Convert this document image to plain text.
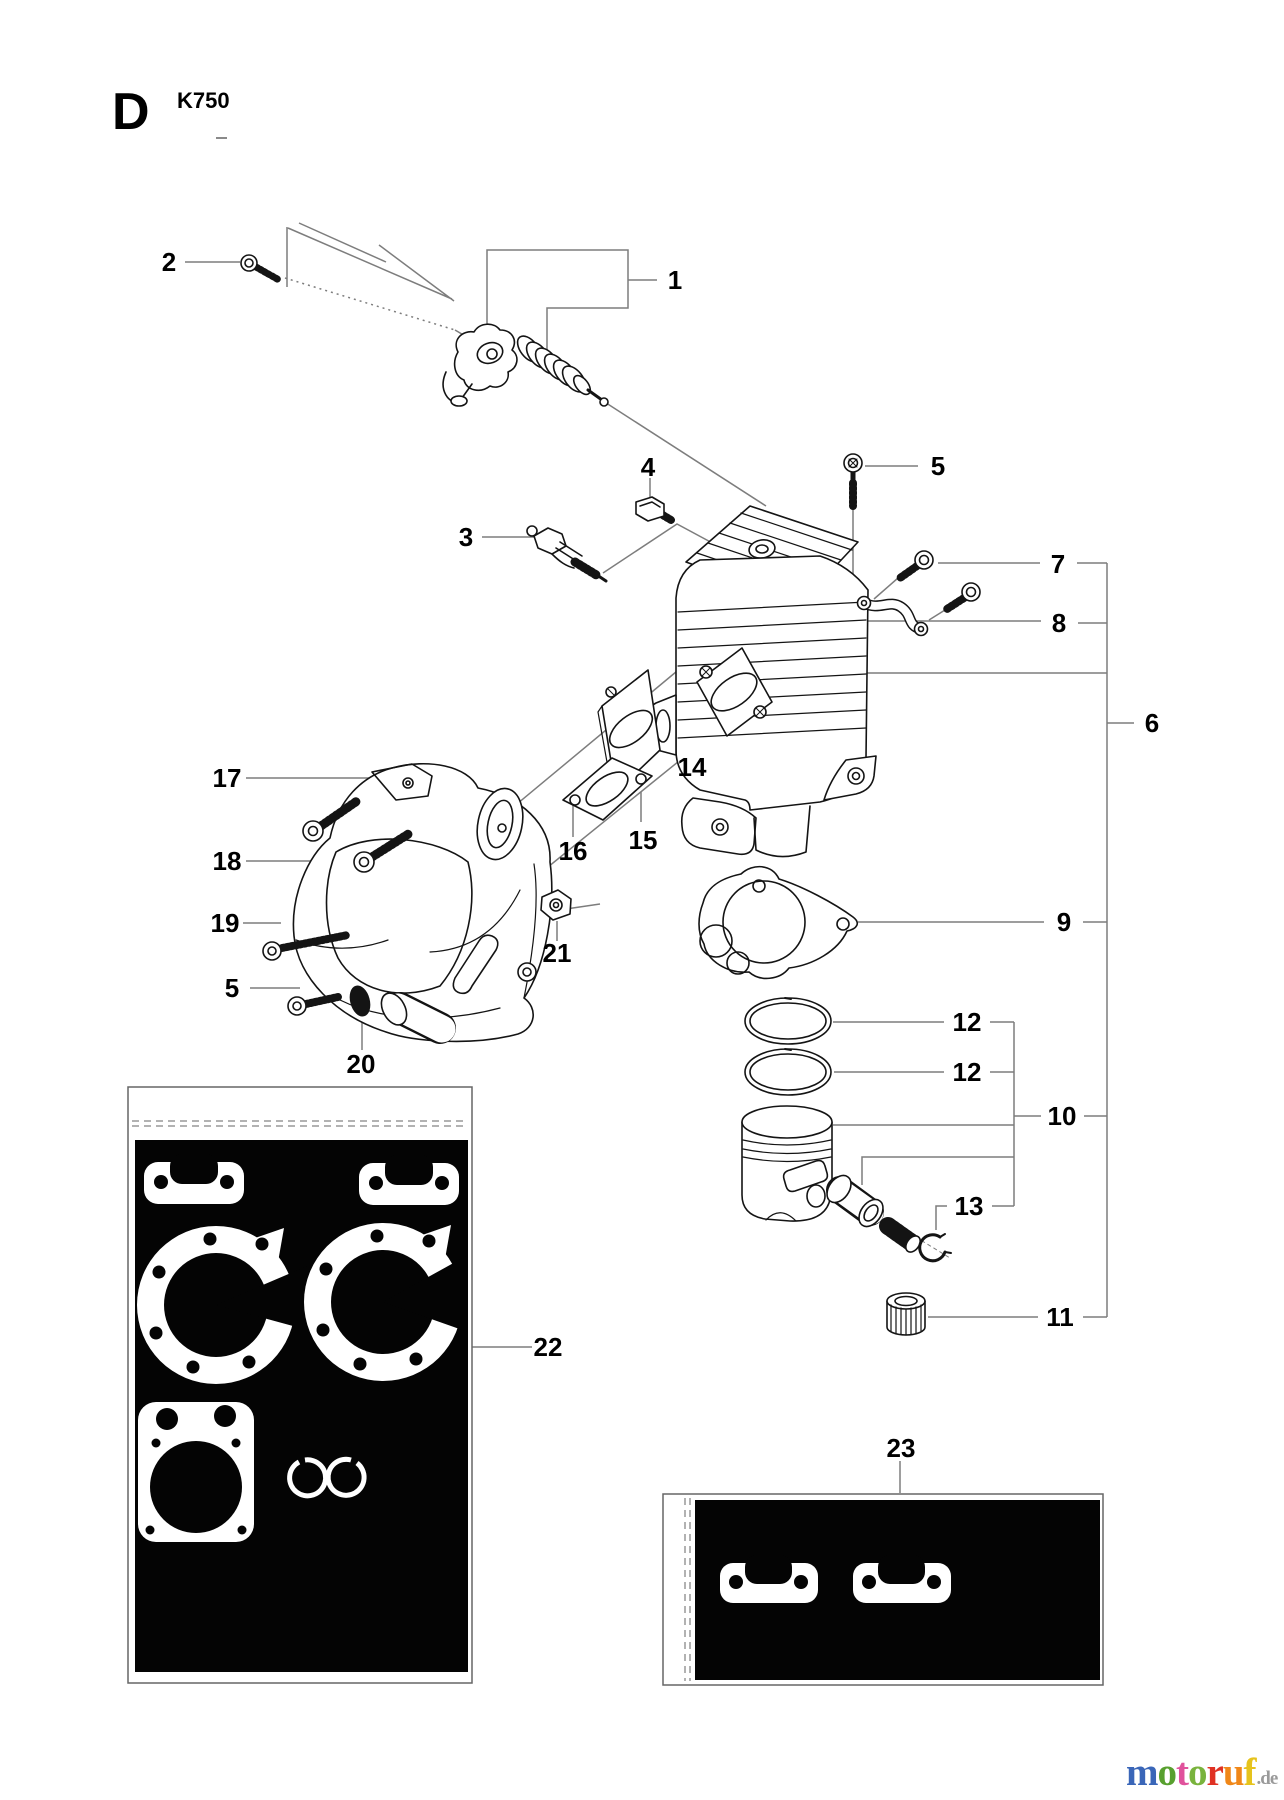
D K750
1
2
3
4	5
7
8
6
9
12
12
10
13
11
14
15
16
17
18
19
5
20
21
22
23
motoruf .de
